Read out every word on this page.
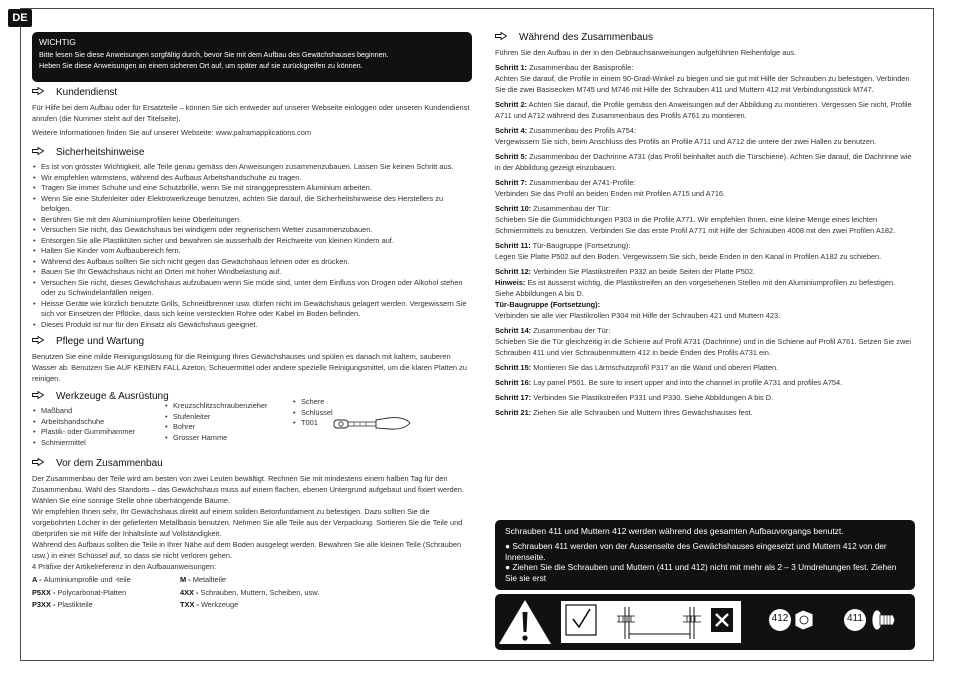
DE
WICHTIG
Bitte lesen Sie diese Anweisungen sorgfältig durch, bevor Sie mit dem Aufbau des Gewächshauses beginnen.
Heben Sie diese Anweisungen an einem sicheren Ort auf, um später auf sie zurückgreifen zu können.
Kundendienst
Für Hilfe bei dem Aufbau oder für Ersatzteile – können Sie sich entweder auf unserer Webseite einloggen oder unseren Kundendienst anrufen (die Nummer steht auf der Titelseite).
Weitere Informationen finden Sie auf unserer Webseite: www.palramapplications.com
Sicherheitshinweise
• Es ist von grösster Wichtigkeit, alle Teile genau gemäss den Anweisungen zusammenzubauen. Lassen Sie keinen Schritt aus.
• Wir empfehlen wärmstens, während des Aufbaus Arbeitshandschuhe zu tragen.
• Tragen Sie immer Schuhe und eine Schutzbrille, wenn Sie mit stranggepresstem Aluminium arbeiten.
• Wenn Sie eine Stufenleiter oder Elektrowerkzeuge benutzen, achten Sie darauf, die Sicherheitshinweise des Herstellers zu befolgen.
• Berühren Sie mit den Aluminiumprofilen keine Oberleitungen.
• Versuchen Sie nicht, das Gewächshaus bei windigem oder regnerischem Wetter zusammenzubauen.
• Entsorgen Sie alle Plastiktüten sicher und bewahren sie ausserhalb der Reichweite von kleinen Kindern auf.
• Halten Sie Kinder vom Aufbaubereich fern.
• Während des Aufbaus sollten Sie sich nicht gegen das Gewächshaus lehnen oder es drücken.
• Bauen Sie Ihr Gewächshaus nicht an Orten mit hoher Windbelastung auf.
• Versuchen Sie nicht, dieses Gewächshaus aufzubauen wenn Sie müde sind, unter dem Einfluss von Drogen oder Alkohol stehen oder zu Schwindelanfällen neigen.
• Heisse Geräte wie kürzlich benutzte Grills, Schneidbrenner usw. dürfen nicht im Gewächshaus gelagert werden. Vergewissern Sie sich vor Einsetzen der Pflöcke, dass sich keine versteckten Rohre oder Kabel im Boden befinden.
• Dieses Produkt ist nur für den Einsatz als Gewächshaus geeignet.
Pflege und Wartung
Benutzen Sie eine milde Reinigungslösung für die Reinigung Ihres Gewächshauses und spülen es danach mit kaltem, sauberen Wasser ab. Benutzen Sie AUF KEINEN FALL Azeton, Scheuermittel oder andere spezielle Reinigungsmittel, um die klaren Platten zu reinigen.
Werkzeuge & Ausrüstung
• Maßband
• Arbeitshandschuhe
• Plastik- oder Gummihammer
• Schmiermittel
• Kreuzschlitzschraubenzieher
• Stufenleiter
• Bohrer
• Grosser Hamme
• Schere
• Schlüssel
• T001
Vor dem Zusammenbau
Der Zusammenbau der Teile wird am besten von zwei Leuten bewältigt. Rechnen Sie mit mindestens einem halben Tag für den Zusammenbau. Wahl des Standorts – das Gewächshaus muss auf einem flachen, ebenen Untergrund aufgebaut und fixiert werden. Wählen Sie eine sonnige Stelle ohne überhängende Bäume.
Wir empfehlen Ihnen sehr, Ihr Gewächshaus direkt auf einem soliden Betonfundament zu befestigen. Dazu sollten Sie die vorgebohrten Löcher in der gelieferten Metallbasis benutzen. Nehmen Sie alle Teile aus der Verpackung. Sortieren Sie die Teile und überprüfen sie mit Hilfe der Inhaltsliste auf Vollständigkeit.
Während des Aufbaus sollten die Teile in Ihrer Nähe auf dem Boden ausgelegt werden. Bewahren Sie alle kleinen Teile (Schrauben usw.) in einer Schüssel auf, so dass sie nicht verloren gehen.
4 Präfixe der Artikelreferenz in den Aufbauanweisungen:
A - Aluminiumprofile und -teile
P5XX - Polycarbonat-Platten
P3XX - Plastikteile
M - Metallteile
4XX - Schrauben, Muttern, Scheiben, usw.
TXX - Werkzeuge
Während des Zusammenbaus
Führen Sie den Aufbau in der in den Gebrauchsanweisungen aufgeführten Reihenfolge aus.
Schritt 1: Zusammenbau der Basisprofile:
Achten Sie darauf, die Profile in einem 90-Grad-Winkel zu biegen und sie gut mit Hilfe der Schrauben zu befestigen. Verbinden Sie die zwei Basisecken M745 und M746 mit Hilfe der Schrauben 411 und Muttern 412 mit Verbindungsstück M747.
Schritt 2: Achten Sie darauf, die Profile gemäss den Anweisungen auf der Abbildung zu montieren. Vergessen Sie nicht, Profile A711 und A712 während des Zusammenbaus des Profils A761 zu montieren.
Schritt 4: Zusammenbau des Profils A754:
Vergewissern Sie sich, beim Anschluss des Profils an Profile A711 und A712 die untere der zwei Hallen zu benutzen.
Schritt 5: Zusammenbau der Dachrinne A731 (das Profil beinhaltet auch die Türschiene). Achten Sie darauf, die Dachrinne wie in der Abbildung gezeigt einzubauen.
Schritt 7: Zusammenbau der A741-Profile:
Verbinden Sie das Profil an beiden Enden mit Profilen A715 und A716.
Schritt 10: Zusammenbau der Tür:
Schieben Sie die Gummidichtungen P303 in die Profile A771. Wir empfehlen Ihnen, eine kleine Menge eines leichten Schmiermittels zu benutzen. Verbinden Sie das erste Profil A771 mit Hilfe der Schrauben 4008 mit den zwei Profilen A182.
Schritt 11: Tür-Baugruppe (Fortsetzung):
Legen Sie Platte P502 auf den Boden. Vergewissern Sie sich, beide Enden in den Kanal in Profilen A182 zu schieben.
Schritt 12: Verbinden Sie Plastikstreifen P332 an beide Seiten der Platte P502.
Hinweis: Es ist äusserst wichtig, die Plastikstreifen an den vorgesehenen Stellen mit den Aluminiumprofilen zu befestigen. Siehe Abbildungen A bis D.
Tür-Baugruppe (Fortsetzung):
Verbinden sie alle vier Plastikrollen P304 mit Hilfe der Schrauben 421 und Muttern 423.
Schritt 14: Zusammenbau der Tür:
Schieben Sie die Tür gleichzeitig in die Schiene auf Profil A731 (Dachrinne) und in die Schiene auf Profil A761. Setzen Sie zwei Schrauben 411 und vier Schraubenmuttern 412 in beide Enden des Profils A731 ein.
Schritt 15: Montieren Sie das Lärmschutzprofil P317 an die Wand und oberen Platten.
Schritt 16: Lay panel P501. Be sure to insert upper and into the channel in profile A731 and profiles A754.
Schritt 17: Verbinden Sie Plastikstreifen P331 und P330. Siehe Abbildungen A bis D.
Schritt 21: Ziehen Sie alle Schrauben und Muttern Ihres Gewächshauses fest.
Schrauben 411 und Muttern 412 werden während des gesamten Aufbauvorgangs benutzt.
● Schrauben 411 werden von der Aussenseite des Gewächshauses eingesetzt und Muttern 412 von der Innenseite.
● Ziehen Sie die Schrauben und Muttern (411 und 412) nicht mit mehr als 2 – 3 Umdrehungen fest. Ziehen Sie sie erst
412	411
